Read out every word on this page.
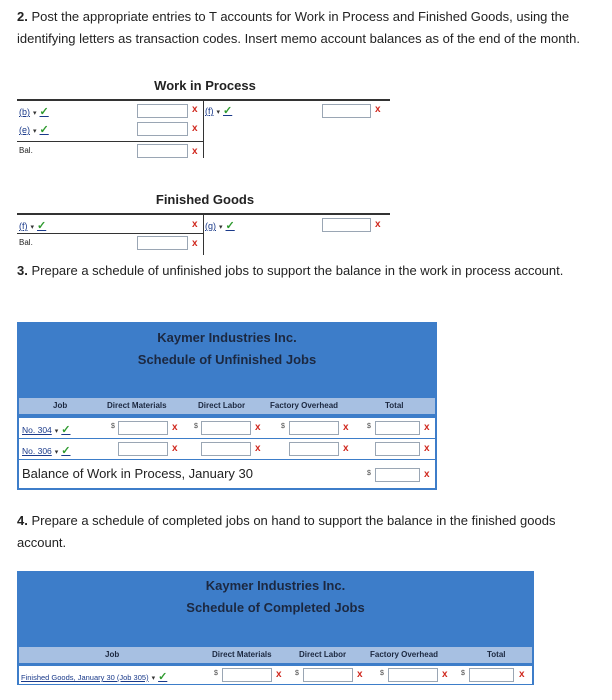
2. Post the appropriate entries to T accounts for Work in Process and Finished Goods, using the identifying letters as transaction codes. Insert memo account balances as of the end of the month.
Work in Process
(b) ▾ ✓	x (f) ▾ ✓	x
(e) ▾ ✓	x
Bal.	x
Finished Goods
(f) ▾ ✓	x (g) ▾ ✓	x
Bal.	x
3. Prepare a schedule of unfinished jobs to support the balance in the work in process account.
Kaymer Industries Inc.
Schedule of Unfinished Jobs
Job	Direct Materials	Direct Labor	Factory Overhead	Total
No. 304 ▾ ✓	$	x $	x	$	x	$	x
No. 306 ▾ ✓	x	x	x	x
Balance of Work in Process, January 30	$	x
4. Prepare a schedule of completed jobs on hand to support the balance in the finished goods account.
Kaymer Industries Inc.
Schedule of Completed Jobs
Job	Direct Materials	Direct Labor	Factory Overhead	Total
Finished Goods, January 30 (Job 305) ▾ ✓	$	x $	x $	x $	x
